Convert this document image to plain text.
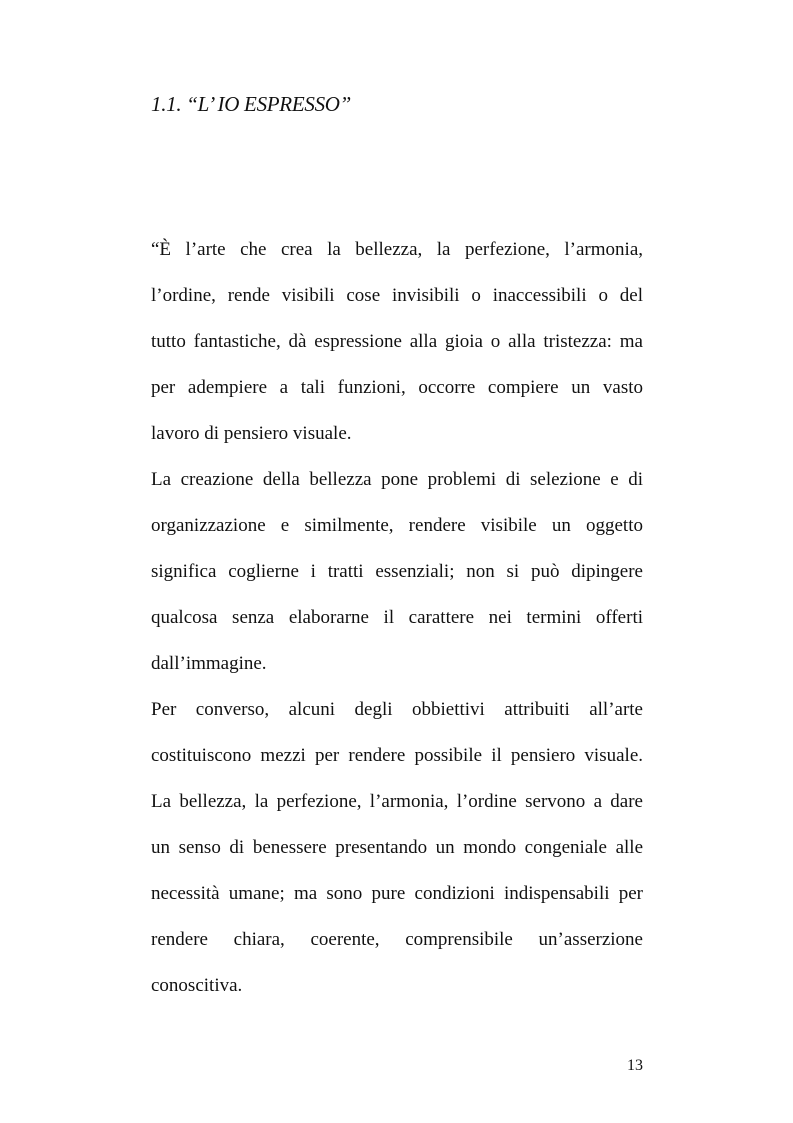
1.1. “L’ IO ESPRESSO”
“È l’arte che crea la bellezza, la perfezione, l’armonia,
l’ordine, rende visibili cose invisibili o inaccessibili o del
tutto fantastiche, dà espressione alla gioia o alla tristezza: ma
per adempiere a tali funzioni, occorre compiere un vasto
lavoro di pensiero visuale.
La creazione della bellezza pone problemi di selezione e di
organizzazione e similmente, rendere visibile un oggetto
significa coglierne i tratti essenziali; non si può dipingere
qualcosa senza elaborarne il carattere nei termini offerti
dall’immagine.
Per converso, alcuni degli obbiettivi attribuiti all’arte
costituiscono mezzi per rendere possibile il pensiero visuale.
La bellezza, la perfezione, l’armonia, l’ordine servono a dare
un senso di benessere presentando un mondo congeniale alle
necessità umane; ma sono pure condizioni indispensabili per
rendere chiara, coerente, comprensibile un’asserzione
conoscitiva.
13
